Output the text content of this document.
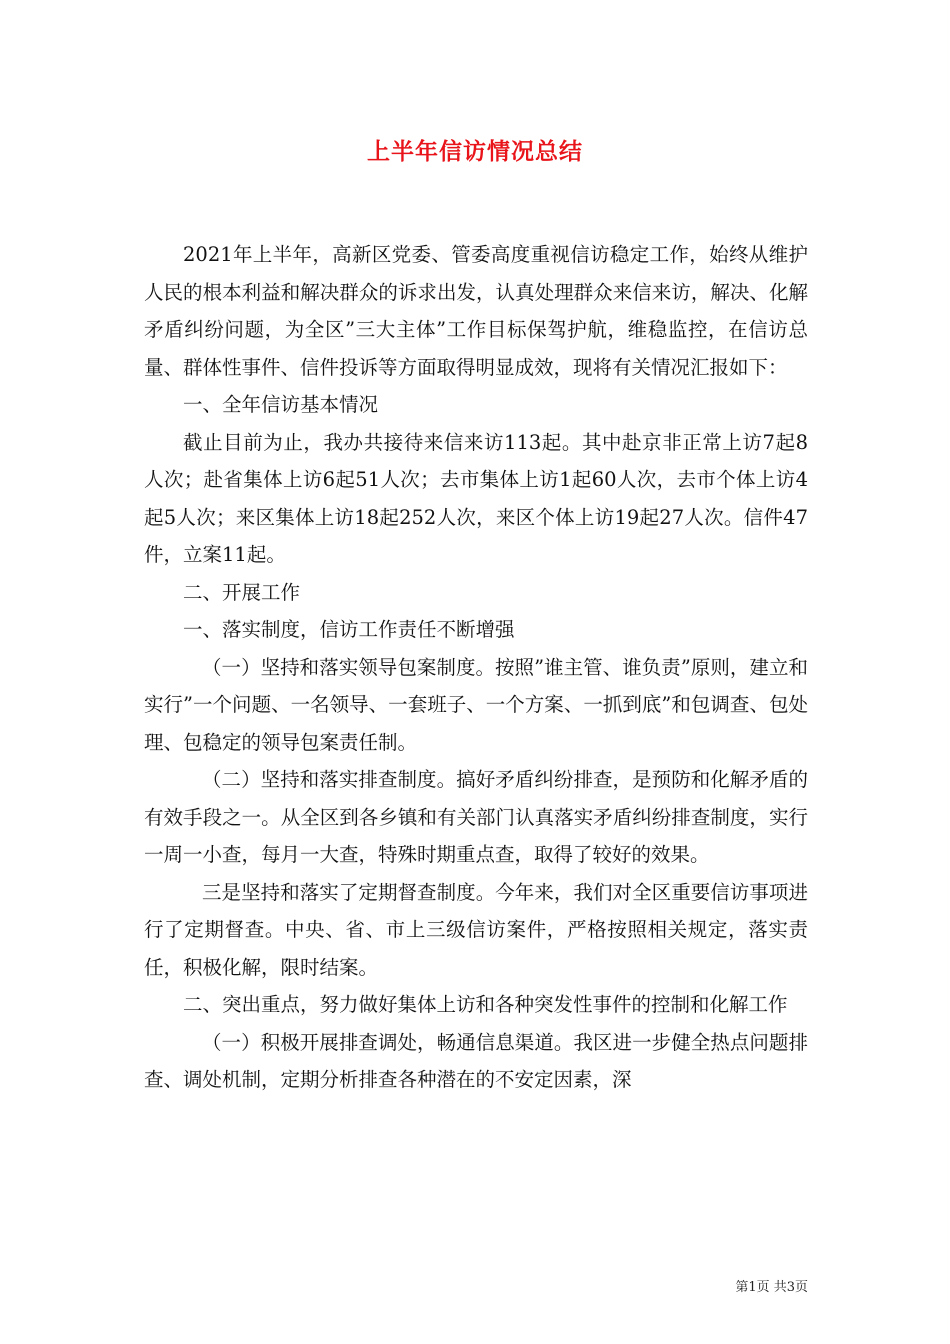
上半年信访情况总结

2021年上半年，高新区党委、管委高度重视信访稳定工作，始终从维护人民的根本利益和解决群众的诉求出发，认真处理群众来信来访，解决、化解矛盾纠纷问题，为全区”三大主体”工作目标保驾护航，维稳监控，在信访总量、群体性事件、信件投诉等方面取得明显成效，现将有关情况汇报如下：

一、全年信访基本情况

截止目前为止，我办共接待来信来访113起。其中赴京非正常上访7起8人次；赴省集体上访6起51人次；去市集体上访1起60人次，去市个体上访4起5人次；来区集体上访18起252人次，来区个体上访19起27人次。信件47件，立案11起。

二、开展工作

一、落实制度，信访工作责任不断增强

（一）坚持和落实领导包案制度。按照”谁主管、谁负责”原则，建立和实行”一个问题、一名领导、一套班子、一个方案、一抓到底”和包调查、包处理、包稳定的领导包案责任制。

（二）坚持和落实排查制度。搞好矛盾纠纷排查，是预防和化解矛盾的有效手段之一。从全区到各乡镇和有关部门认真落实矛盾纠纷排查制度，实行一周一小查，每月一大查，特殊时期重点查，取得了较好的效果。

三是坚持和落实了定期督查制度。今年来，我们对全区重要信访事项进行了定期督查。中央、省、市上三级信访案件，严格按照相关规定，落实责任，积极化解，限时结案。

二、突出重点，努力做好集体上访和各种突发性事件的控制和化解工作

（一）积极开展排查调处，畅通信息渠道。我区进一步健全热点问题排查、调处机制，定期分析排查各种潜在的不安定因素，深

第1页 共3页
